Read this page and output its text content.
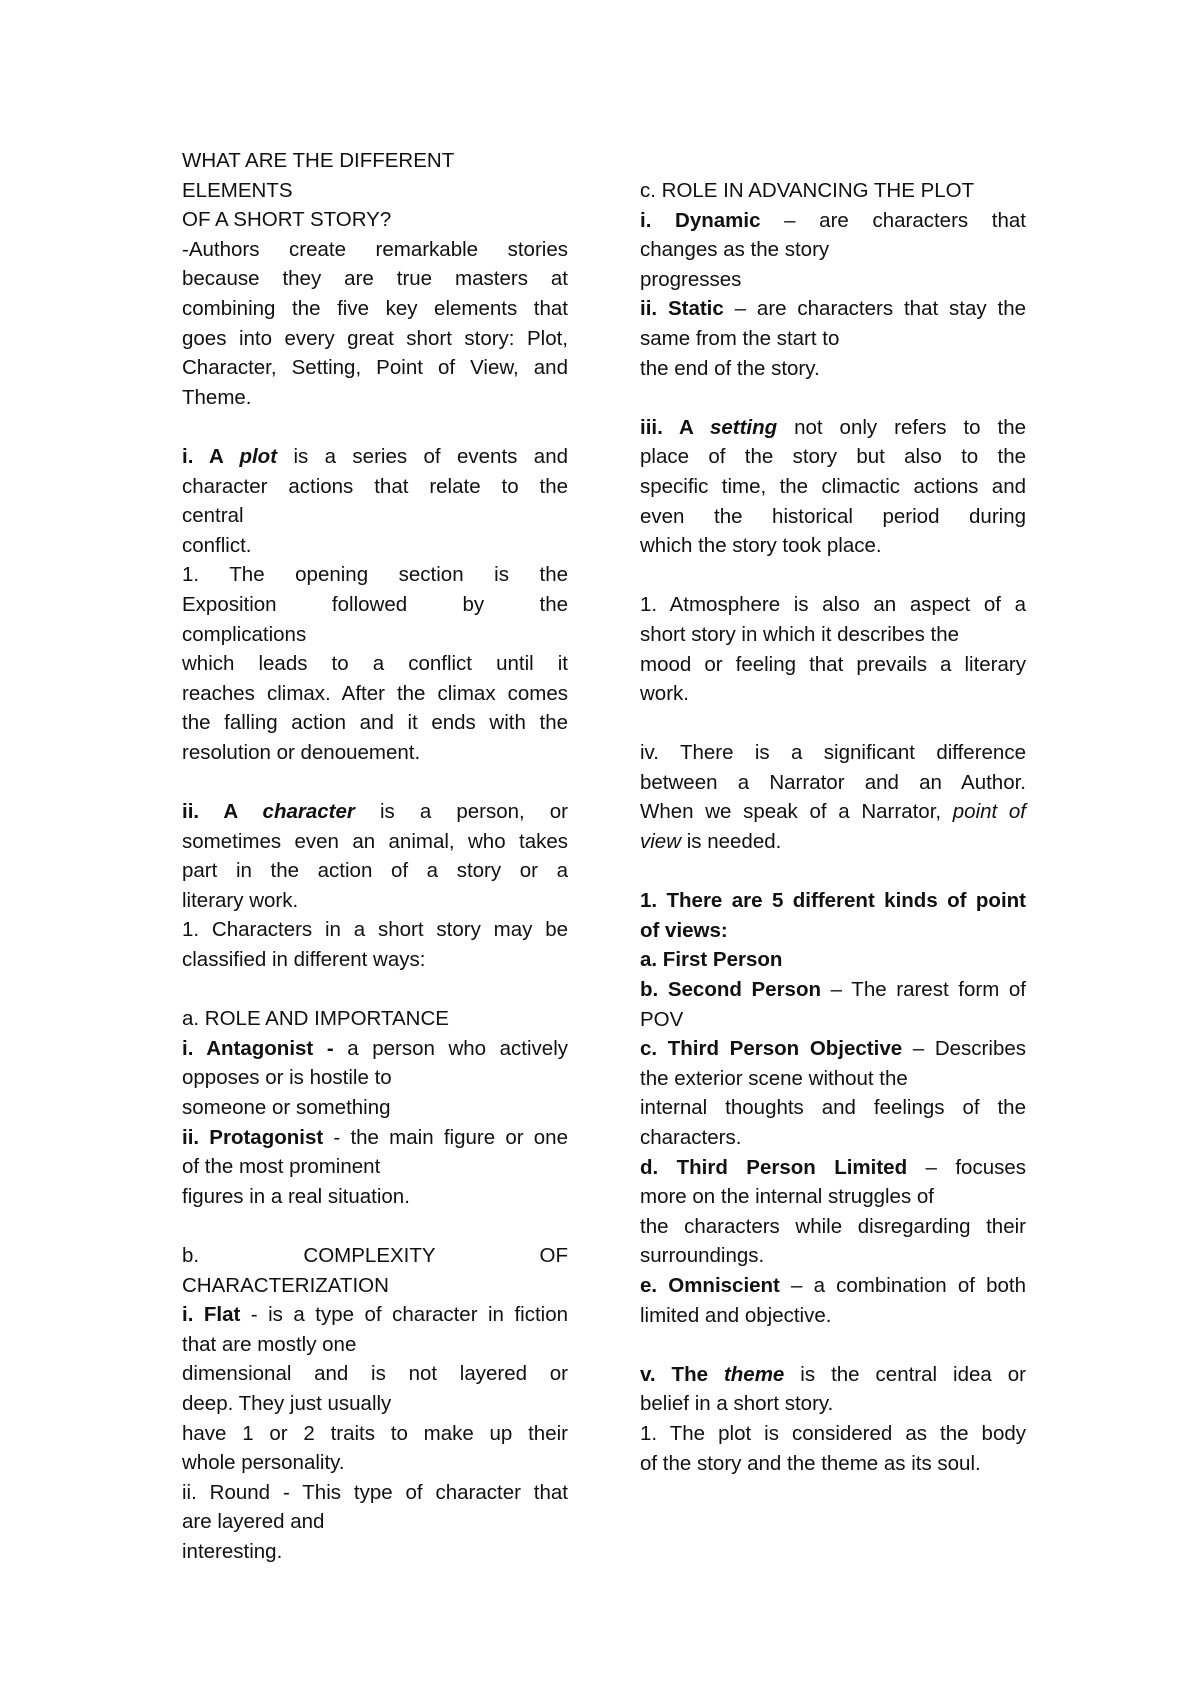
WHAT ARE THE DIFFERENT ELEMENTS

OF A SHORT STORY?

-Authors create remarkable stories

because they are true masters at

combining the five key elements that

goes into every great short story: Plot,

Character, Setting, Point of View, and

Theme.

i. A plot is a series of events and

character actions that relate to the

central

conflict.

1. The opening section is the

Exposition followed by the

complications

which leads to a conflict until it

reaches climax. After the climax comes

the falling action and it ends with the

resolution or denouement.

ii. A character is a person, or

sometimes even an animal, who takes

part in the action of a story or a

literary work.

1. Characters in a short story may be

classified in different ways:

a. ROLE AND IMPORTANCE

i. Antagonist - a person who actively

opposes or is hostile to

someone or something

ii. Protagonist - the main figure or one

of the most prominent

figures in a real situation.

b. COMPLEXITY OF

CHARACTERIZATION

i. Flat - is a type of character in fiction

that are mostly one

dimensional and is not layered or

deep. They just usually

have 1 or 2 traits to make up their

whole personality.

ii. Round - This type of character that

are layered and

interesting.

c. ROLE IN ADVANCING THE PLOT

i. Dynamic – are characters that

changes as the story

progresses

ii. Static – are characters that stay the

same from the start to

the end of the story.

iii. A setting not only refers to the

place of the story but also to the

specific time, the climactic actions and

even the historical period during

which the story took place.

1. Atmosphere is also an aspect of a

short story in which it describes the

mood or feeling that prevails a literary

work.

iv. There is a significant difference

between a Narrator and an Author.

When we speak of a Narrator, point of

view is needed.

1. There are 5 different kinds of point

of views:

a. First Person

b. Second Person – The rarest form of

POV

c. Third Person Objective – Describes

the exterior scene without the

internal thoughts and feelings of the

characters.

d. Third Person Limited – focuses

more on the internal struggles of

the characters while disregarding their

surroundings.

e. Omniscient – a combination of both

limited and objective.

v. The theme is the central idea or

belief in a short story.

1. The plot is considered as the body

of the story and the theme as its soul.
